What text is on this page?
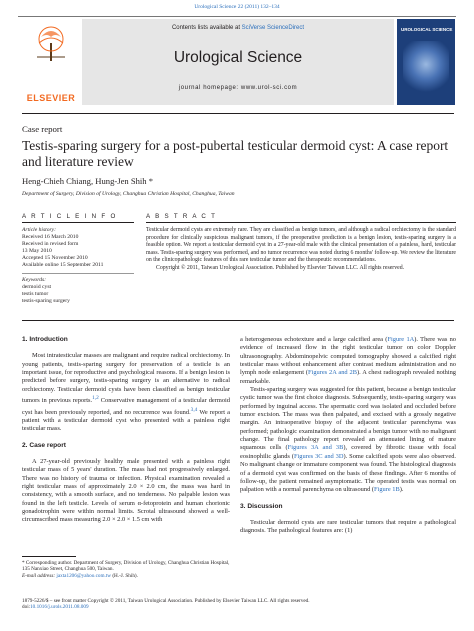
Urological Science 22 (2011) 132–134
ELSEVIER
Contents lists available at SciVerse ScienceDirect
Urological Science
journal homepage: www.urol-sci.com
UROLOGICAL SCIENCE
Case report
Testis-sparing surgery for a post-pubertal testicular dermoid cyst: A case report and literature review
Heng-Chieh Chiang, Hung-Jen Shih *
Department of Surgery, Division of Urology, Changhua Christian Hospital, Changhua, Taiwan
A R T I C L E I N F O
Article history:
Received 16 March 2010
Received in revised form
13 May 2010
Accepted 15 November 2010
Available online 15 September 2011
Keywords:
dermoid cyst
testis tumor
testis-sparing surgery
A B S T R A C T

Testicular dermoid cysts are extremely rare. They are classified as benign tumors, and although a radical orchiectomy is the standard procedure for clinically suspicious malignant tumors, if the preoperative prediction is a benign lesion, testis-sparing surgery is a feasible option. We report a testicular dermoid cyst in a 27-year-old male with the clinical presentation of a painless, hard, testicular mass. Testis-sparing surgery was performed, and no tumor recurrence was noted during 6 months' follow-up. We review the literature on the clinicopathologic features of this rare testicular tumor and the therapeutic recommendations.

Copyright © 2011, Taiwan Urological Association. Published by Elsevier Taiwan LLC. All rights reserved.

1. Introduction

Most intratesticular masses are malignant and require radical orchiectomy. In young patients, testis-sparing surgery for preservation of a testicle is an important issue, for reproductive and psychological reasons. If a benign lesion is predicted before surgery, testis-sparing surgery is an alternative to radical orchiectomy. Testicular dermoid cysts have been classified as benign testicular tumors in previous reports.$^{1,2}$ Conservative management of a testicular dermoid cyst has been previously reported, and no recurrence was found.$^{3,4}$ We report a patient with a testicular dermoid cyst who presented with a painless right testicular mass.

2. Case report

A 27-year-old previously healthy male presented with a painless right testicular mass of 5 years' duration. The mass had not progressively enlarged. There was no history of trauma or infection. Physical examination revealed a right testicular mass of approximately 2.0 × 2.0 cm, the mass was hard in consistency, with a smooth surface, and no tenderness. No palpable lesion was found in the left testicle. Levels of serum α-fetoprotein and human chorionic gonadotrophin were within normal limits. Scrotal ultrasound showed a well-circumscribed mass measuring 2.0 × 2.0 × 1.5 cm with

* Corresponding author. Department of Surgery, Division of Urology, Changhua Christian Hospital, 135 Nanxiao Street, Changhua 500, Taiwan.
E-mail address: jaxta1206@yahoo.com.tw (H.-J. Shih).

a heterogeneous echotexture and a large calcified area (Figure 1A). There was no evidence of increased flow in the right testicular tumor on color Doppler ultrasonography. Abdominopelvic computed tomography showed a calcified right testicular mass without enhancement after contrast medium administration and no lymph node enlargement (Figures 2A and 2B). A chest radiograph revealed nothing remarkable.

Testis-sparing surgery was suggested for this patient, because a benign testicular cystic tumor was the first choice diagnosis. Subsequently, testis-sparing surgery was performed by inguinal access. The spermatic cord was isolated and occluded before tumor excision. The mass was then palpated, and excised with a grossly negative margin. An intraoperative biopsy of the adjacent testicular parenchyma was performed; pathologic examination demonstrated a benign tumor with no malignant change. The final pathology report revealed an attenuated lining of mature squamous cells (Figures 3A and 3B), covered by fibrotic tissue with focal eosinophilic glands (Figures 3C and 3D). Some calcified spots were also observed. No malignant change or immature component was found. The histological diagnosis of a dermoid cyst was confirmed on the basis of these findings. After 6 months of follow-up, the patient remained asymptomatic. The operated testis was normal on palpation with a normal parenchyma on ultrasound (Figure 1B).

3. Discussion

Testicular dermoid cysts are rare testicular tumors that require a pathological diagnosis. The pathological features are: (1)

1879-5226/$ – see front matter Copyright © 2011, Taiwan Urological Association. Published by Elsevier Taiwan LLC. All rights reserved.
doi:10.1016/j.urols.2011.08.009
